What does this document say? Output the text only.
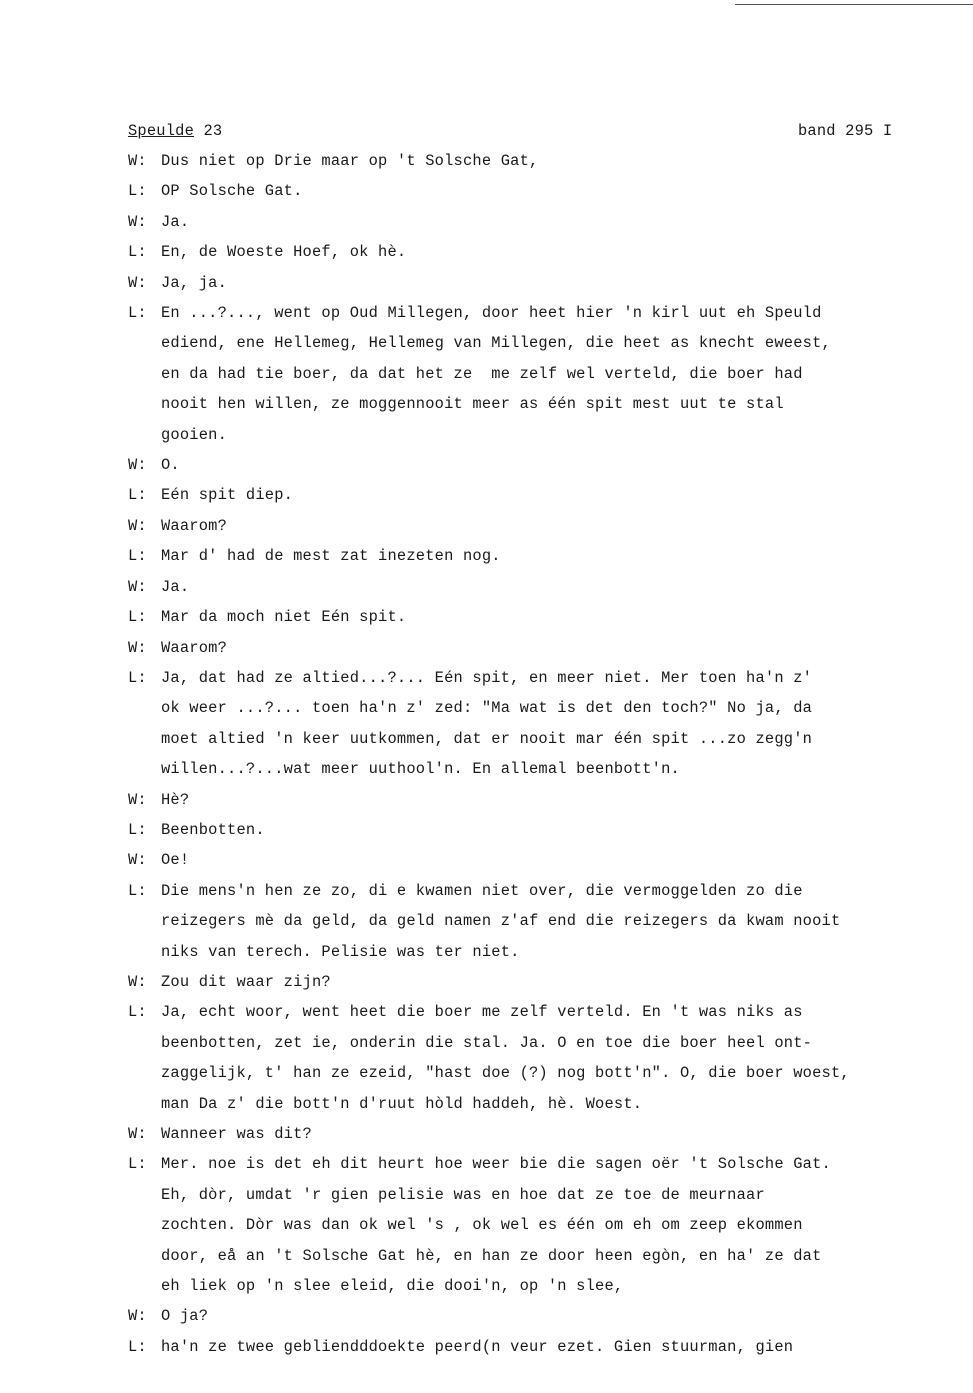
Speulde 23	band 295 I
W: Dus niet op Drie maar op 't Solsche Gat,
L: OP Solsche Gat.
W: Ja.
L: En, de Woeste Hoef, ok hè.
W: Ja, ja.
L: En ...?..., went op Oud Millegen, door heet hier 'n kirl uut eh Speuld
ediend, ene Hellemeg, Hellemeg van Millegen, die heet as knecht eweest,
en da had tie boer, da dat het ze  me zelf wel verteld, die boer had
nooit hen willen, ze moggennooit meer as één spit mest uut te stal
gooien.
W: O.
L: Eén spit diep.
W: Waarom?
L: Mar d' had de mest zat inezeten nog.
W: Ja.
L: Mar da moch niet Eén spit.
W: Waarom?
L: Ja, dat had ze altied...?... Eén spit, en meer niet. Mer toen ha'n z'
ok weer ...?... toen ha'n z' zed: "Ma wat is det den toch?" No ja, da
moet altied 'n keer uutkommen, dat er nooit mar één spit ...zo zegg'n
willen...?...wat meer uuthool'n. En allemal beenbott'n.
W: Hè?
L: Beenbotten.
W: Oe!
L: Die mens'n hen ze zo, di e kwamen niet over, die vermoggelden zo die
reizegers mè da geld, da geld namen z'af end die reizegers da kwam nooit
niks van terech. Pelisie was ter niet.
W: Zou dit waar zijn?
L: Ja, echt woor, went heet die boer me zelf verteld. En 't was niks as
beenbotten, zet ie, onderin die stal. Ja. O en toe die boer heel ont-
zaggelijk, t' han ze ezeid, "hast doe (?) nog bott'n". O, die boer woest,
man Da z' die bott'n d'ruut hòld haddeh, hè. Woest.
W: Wanneer was dit?
L: Mer. noe is det eh dit heurt hoe weer bie die sagen oër 't Solsche Gat.
Eh, dòr, umdat 'r gien pelisie was en hoe dat ze toe de meurnaar
zochten. Dòr was dan ok wel 's , ok wel es één om eh om zeep ekommen
door, eå an 't Solsche Gat hè, en han ze door heen egòn, en ha' ze dat
eh liek op 'n slee eleid, die dooi'n, op 'n slee,
W: O ja?
L: ha'n ze twee gebliendddoekte peerd(n veur ezet. Gien stuurman, gien
